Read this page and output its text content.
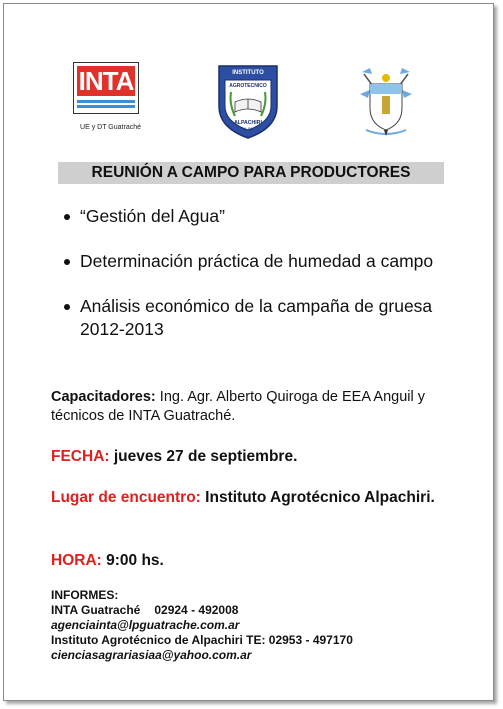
INTA
UE y DT Guatraché
INSTITUTO
AGROTECNICO
ALPACHIRI
(L.P.)
REUNIÓN A CAMPO PARA PRODUCTORES
“Gestión del Agua”
Determinación práctica de humedad a campo
Análisis económico de la campaña de gruesa 2012-2013
Capacitadores: Ing. Agr. Alberto Quiroga de EEA Anguil y técnicos de INTA Guatraché.
FECHA: jueves 27 de septiembre.
Lugar de encuentro: Instituto Agrotécnico Alpachiri.
HORA: 9:00 hs.
INFORMES:
INTA Guatraché 02924 - 492008
agenciainta@lpguatrache.com.ar
Instituto Agrotécnico de Alpachiri TE: 02953 - 497170
cienciasagrariasiaa@yahoo.com.ar
